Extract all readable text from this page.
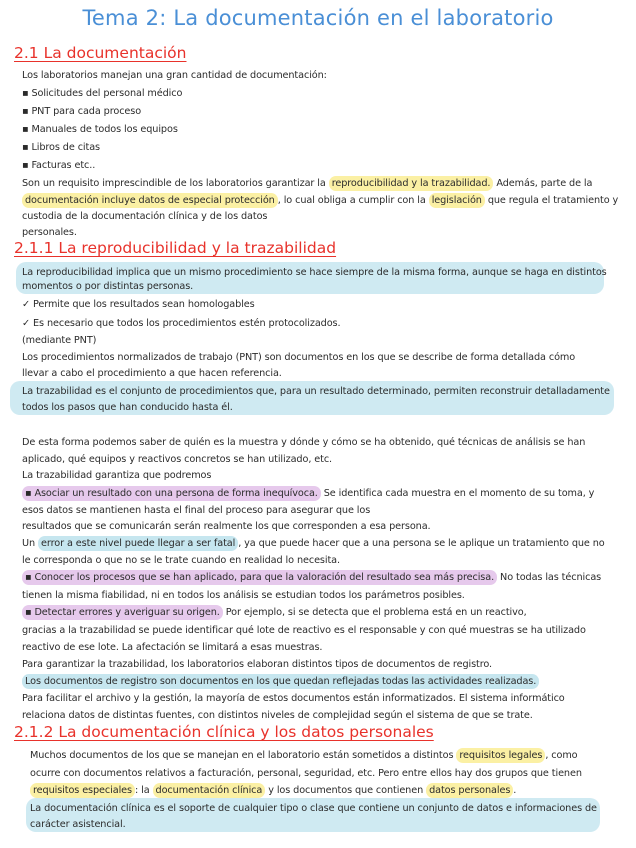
Tema 2: La documentación en el laboratorio
2.1 La documentación
Los laboratorios manejan una gran cantidad de documentación:
▪ Solicitudes del personal médico
▪ PNT para cada proceso
▪ Manuales de todos los equipos
▪ Libros de citas
▪ Facturas etc..
Son un requisito imprescindible de los laboratorios garantizar la reproducibilidad y la trazabilidad. Además, parte de la
documentación incluye datos de especial protección , lo cual obliga a cumplir con la legislación que regula el tratamiento y
custodia de la documentación clínica y de los datos
personales.
2.1.1 La reproducibilidad y la trazabilidad
La reproducibilidad implica que un mismo procedimiento se hace siempre de la misma forma, aunque se haga en distintos
momentos o por distintas personas.
✓ Permite que los resultados sean homologables
✓ Es necesario que todos los procedimientos estén protocolizados.
(mediante PNT)
Los procedimientos normalizados de trabajo (PNT) son documentos en los que se describe de forma detallada cómo
llevar a cabo el procedimiento a que hacen referencia.
La trazabilidad es el conjunto de procedimientos que, para un resultado determinado, permiten reconstruir detalladamente
todos los pasos que han conducido hasta él.
De esta forma podemos saber de quién es la muestra y dónde y cómo se ha obtenido, qué técnicas de análisis se han
aplicado, qué equipos y reactivos concretos se han utilizado, etc.
La trazabilidad garantiza que podremos
▪ Asociar un resultado con una persona de forma inequívoca. Se identifica cada muestra en el momento de su toma, y
esos datos se mantienen hasta el final del proceso para asegurar que los
resultados que se comunicarán serán realmente los que corresponden a esa persona.
Un error a este nivel puede llegar a ser fatal , ya que puede hacer que a una persona se le aplique un tratamiento que no
le corresponda o que no se le trate cuando en realidad lo necesita.
▪ Conocer los procesos que se han aplicado, para que la valoración del resultado sea más precisa. No todas las técnicas
tienen la misma fiabilidad, ni en todos los análisis se estudian todos los parámetros posibles.
▪ Detectar errores y averiguar su origen. Por ejemplo, si se detecta que el problema está en un reactivo,
gracias a la trazabilidad se puede identificar qué lote de reactivo es el responsable y con qué muestras se ha utilizado
reactivo de ese lote. La afectación se limitará a esas muestras.
Para garantizar la trazabilidad, los laboratorios elaboran distintos tipos de documentos de registro.
Los documentos de registro son documentos en los que quedan reflejadas todas las actividades realizadas.
Para facilitar el archivo y la gestión, la mayoría de estos documentos están informatizados. El sistema informático
relaciona datos de distintas fuentes, con distintos niveles de complejidad según el sistema de que se trate.
2.1.2 La documentación clínica y los datos personales
Muchos documentos de los que se manejan en el laboratorio están sometidos a distintos requisitos legales , como
ocurre con documentos relativos a facturación, personal, seguridad, etc. Pero entre ellos hay dos grupos que tienen
requisitos especiales : la documentación clínica y los documentos que contienen datos personales .
La documentación clínica es el soporte de cualquier tipo o clase que contiene un conjunto de datos e informaciones de
carácter asistencial.
